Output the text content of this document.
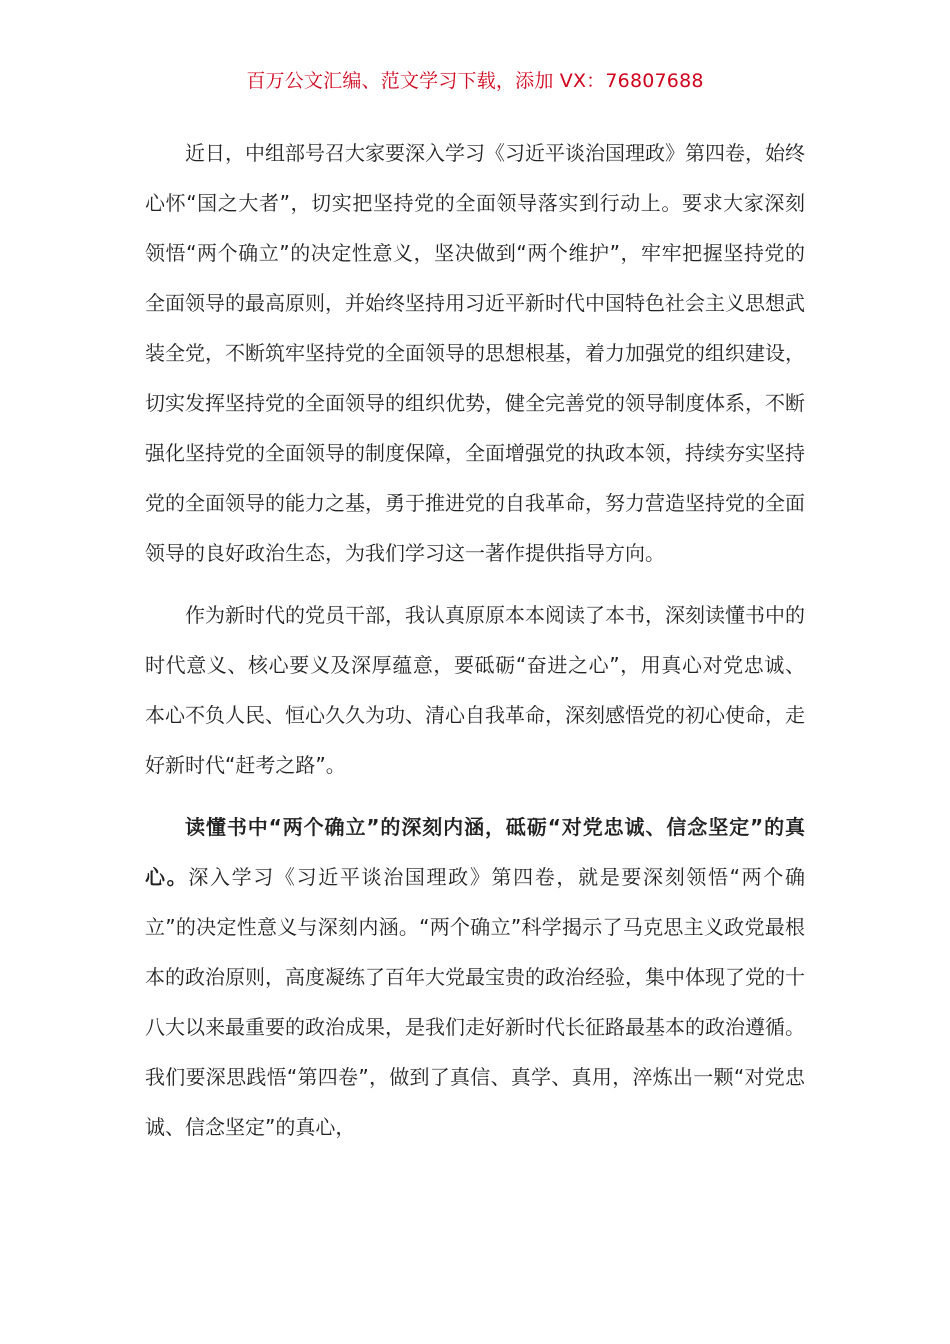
百万公文汇编、范文学习下载，添加 VX：76807688

近日，中组部号召大家要深入学习《习近平谈治国理政》第四卷，始终心怀“国之大者”，切实把坚持党的全面领导落实到行动上。要求大家深刻领悟“两个确立”的决定性意义，坚决做到“两个维护”，牢牢把握坚持党的全面领导的最高原则，并始终坚持用习近平新时代中国特色社会主义思想武装全党，不断筑牢坚持党的全面领导的思想根基，着力加强党的组织建设，切实发挥坚持党的全面领导的组织优势，健全完善党的领导制度体系，不断强化坚持党的全面领导的制度保障，全面增强党的执政本领，持续夯实坚持党的全面领导的能力之基，勇于推进党的自我革命，努力营造坚持党的全面领导的良好政治生态，为我们学习这一著作提供指导方向。

作为新时代的党员干部，我认真原原本本阅读了本书，深刻读懂书中的时代意义、核心要义及深厚蕴意，要砥砺“奋进之心”，用真心对党忠诚、本心不负人民、恒心久久为功、清心自我革命，深刻感悟党的初心使命，走好新时代“赶考之路”。

读懂书中“两个确立”的深刻内涵，砥砺“对党忠诚、信念坚定”的真心。深入学习《习近平谈治国理政》第四卷，就是要深刻领悟“两个确立”的决定性意义与深刻内涵。“两个确立”科学揭示了马克思主义政党最根本的政治原则，高度凝练了百年大党最宝贵的政治经验，集中体现了党的十八大以来最重要的政治成果，是我们走好新时代长征路最基本的政治遵循。我们要深思践悟“第四卷”，做到了真信、真学、真用，淬炼出一颗“对党忠诚、信念坚定”的真心，
